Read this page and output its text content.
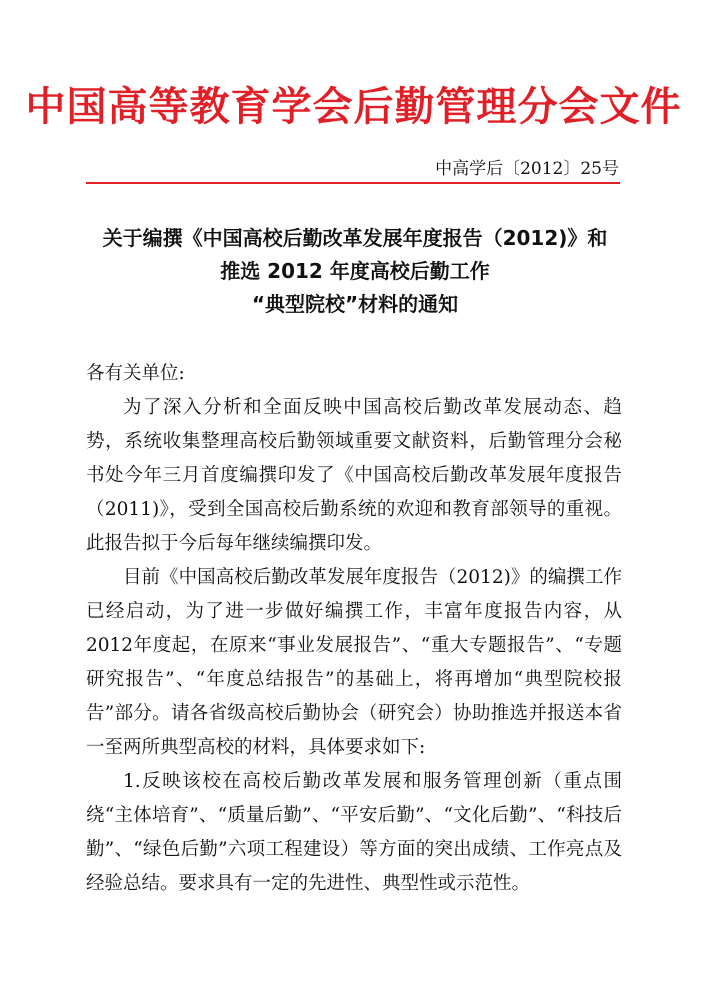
中国高等教育学会后勤管理分会文件
中高学后〔2012〕25号
关于编撰《中国高校后勤改革发展年度报告（2012)》和
推选 2012 年度高校后勤工作
“典型院校”材料的通知

各有关单位:

为了深入分析和全面反映中国高校后勤改革发展动态、趋势，系统收集整理高校后勤领域重要文献资料，后勤管理分会秘书处今年三月首度编撰印发了《中国高校后勤改革发展年度报告（2011)》，受到全国高校后勤系统的欢迎和教育部领导的重视。此报告拟于今后每年继续编撰印发。

目前《中国高校后勤改革发展年度报告（2012)》的编撰工作已经启动，为了进一步做好编撰工作，丰富年度报告内容，从2012年度起，在原来“事业发展报告”、“重大专题报告”、“专题研究报告”、“年度总结报告”的基础上，将再增加“典型院校报告”部分。请各省级高校后勤协会（研究会）协助推选并报送本省一至两所典型高校的材料，具体要求如下:

1.反映该校在高校后勤改革发展和服务管理创新（重点围绕“主体培育”、“质量后勤”、“平安后勤”、“文化后勤”、“科技后勤”、“绿色后勤”六项工程建设）等方面的突出成绩、工作亮点及经验总结。要求具有一定的先进性、典型性或示范性。
